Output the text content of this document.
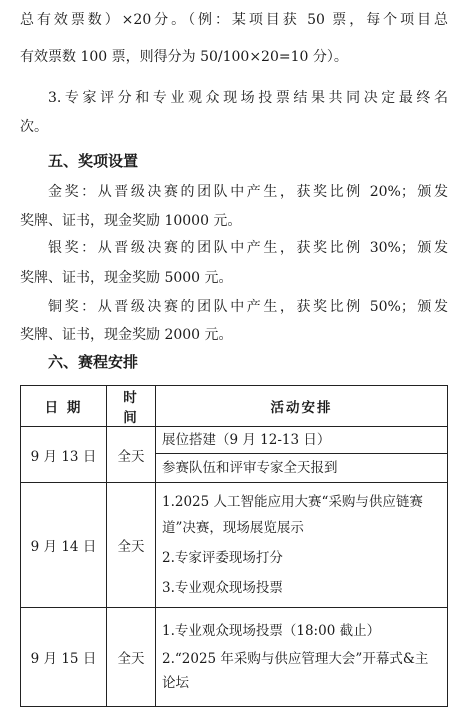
总有效票数）×20分。（例：某项目获 50 票，每个项目总
有效票数 100 票，则得分为 50/100×20=10 分）。
3.专家评分和专业观众现场投票结果共同决定最终名
次。
五、奖项设置
金奖：从晋级决赛的团队中产生，获奖比例 20%；颁发
奖牌、证书，现金奖励 10000 元。
银奖：从晋级决赛的团队中产生，获奖比例 30%；颁发
奖牌、证书，现金奖励 5000 元。
铜奖：从晋级决赛的团队中产生，获奖比例 50%；颁发
奖牌、证书，现金奖励 2000 元。
六、赛程安排
日 期	时 间	活动安排
9 月 13 日	全天	展位搭建（9 月 12-13 日）
参赛队伍和评审专家全天报到

9 月 14 日	全天	1.2025 人工智能应用大赛“采购与供应链赛道”决赛，现场展览展示
2.专家评委现场打分
3.专业观众现场投票

9 月 15 日	全天	1.专业观众现场投票（18:00 截止）
2.“2025 年采购与供应管理大会”开幕式&主论坛
